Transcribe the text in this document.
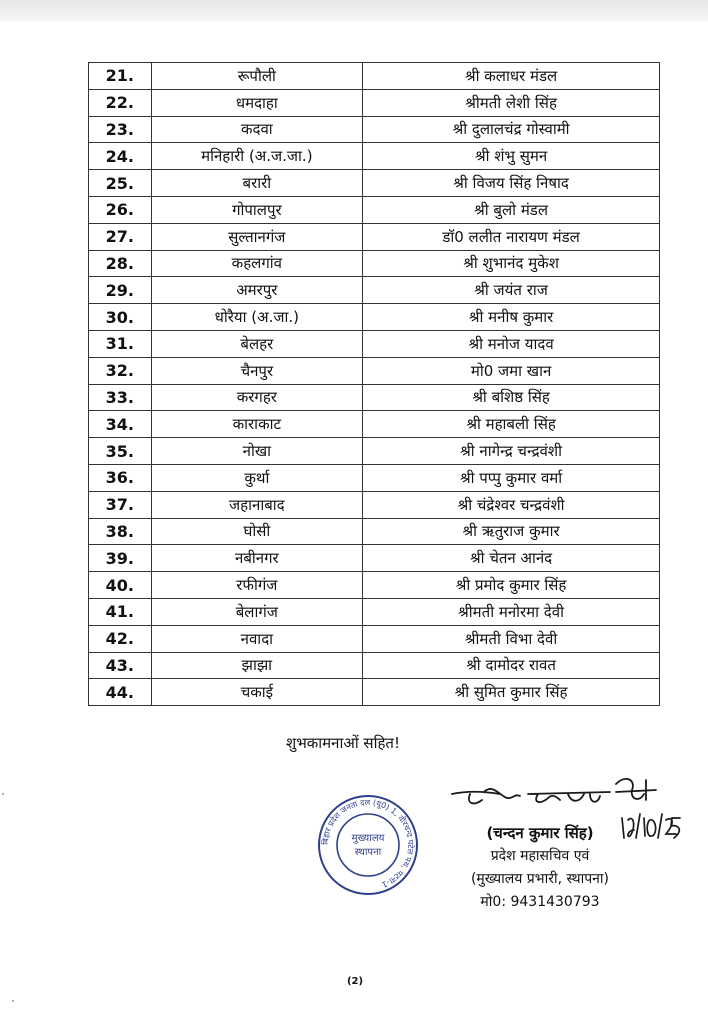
21.	रूपौली	श्री कलाधर मंडल
22.	धमदाहा	श्रीमती लेशी सिंह
23.	कदवा	श्री दुलालचंद्र गोस्वामी
24.	मनिहारी (अ.ज.जा.)	श्री शंभु सुमन
25.	बरारी	श्री विजय सिंह निषाद
26.	गोपालपुर	श्री बुलो मंडल
27.	सुल्तानगंज	डॉ0 ललीत नारायण मंडल
28.	कहलगांव	श्री शुभानंद मुकेश
29.	अमरपुर	श्री जयंत राज
30.	धोरैया (अ.जा.)	श्री मनीष कुमार
31.	बेलहर	श्री मनोज यादव
32.	चैनपुर	मो0 जमा खान
33.	करगहर	श्री बशिष्ठ सिंह
34.	काराकाट	श्री महाबली सिंह
35.	नोखा	श्री नागेन्द्र चन्द्रवंशी
36.	कुर्था	श्री पप्पु कुमार वर्मा
37.	जहानाबाद	श्री चंद्रेश्वर चन्द्रवंशी
38.	घोसी	श्री ऋतुराज कुमार
39.	नबीनगर	श्री चेतन आनंद
40.	रफीगंज	श्री प्रमोद कुमार सिंह
41.	बेलागंज	श्रीमती मनोरमा देवी
42.	नवादा	श्रीमती विभा देवी
43.	झाझा	श्री दामोदर रावत
44.	चकाई	श्री सुमित कुमार सिंह
शुभकामनाओं सहित!
बिहार प्रदेश जनता दल (यू0) 1, वीरचन्द पटेल पथ, पटना-1
मुख्यालय
स्थापना
(चन्दन कुमार सिंह)
प्रदेश महासचिव एवं
(मुख्यालय प्रभारी, स्थापना)
मो0: 9431430793
(2)
